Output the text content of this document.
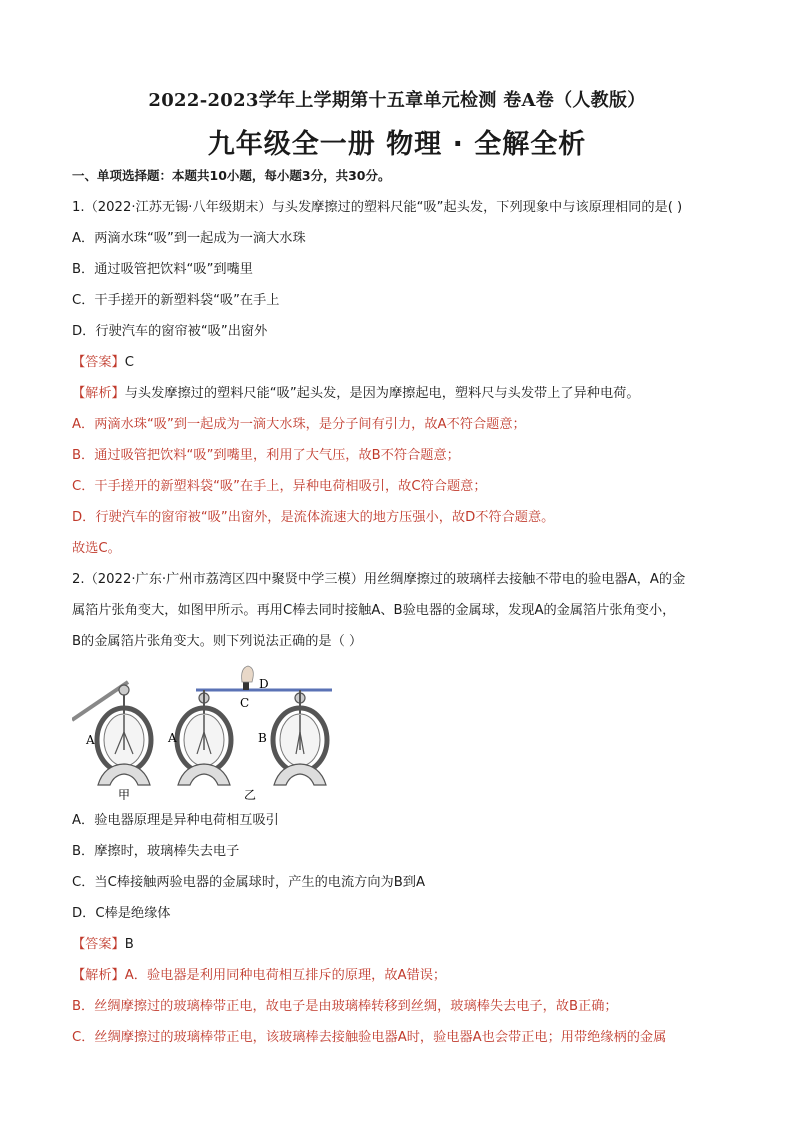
2022-2023学年上学期第十五章单元检测 卷A卷（人教版）
九年级全一册 物理 · 全解全析
一、单项选择题：本题共10小题，每小题3分，共30分。
1.（2022·江苏无锡·八年级期末）与头发摩擦过的塑料尺能“吸”起头发，下列现象中与该原理相同的是( )
A．两滴水珠“吸”到一起成为一滴大水珠
B．通过吸管把饮料“吸”到嘴里
C．干手搓开的新塑料袋“吸”在手上
D．行驶汽车的窗帘被“吸”出窗外
【答案】C
【解析】与头发摩擦过的塑料尺能“吸”起头发，是因为摩擦起电，塑料尺与头发带上了异种电荷。
A．两滴水珠“吸”到一起成为一滴大水珠，是分子间有引力，故A不符合题意；
B．通过吸管把饮料“吸”到嘴里，利用了大气压，故B不符合题意；
C．干手搓开的新塑料袋“吸”在手上，异种电荷相吸引，故C符合题意；
D．行驶汽车的窗帘被“吸”出窗外，是流体流速大的地方压强小，故D不符合题意。
故选C。
2.（2022·广东·广州市荔湾区四中聚贤中学三模）用丝绸摩擦过的玻璃样去接触不带电的验电器A，A的金
属箔片张角变大，如图甲所示。再用C棒去同时接触A、B验电器的金属球，发现A的金属箔片张角变小，
B的金属箔片张角变大。则下列说法正确的是（ ）
A
甲
D
C
A	B
乙
A．验电器原理是异种电荷相互吸引
B．摩擦时，玻璃棒失去电子
C．当C棒接触两验电器的金属球时，产生的电流方向为B到A
D．C棒是绝缘体
【答案】B
【解析】A．验电器是利用同种电荷相互排斥的原理，故A错误；
B．丝绸摩擦过的玻璃棒带正电，故电子是由玻璃棒转移到丝绸，玻璃棒失去电子，故B正确；
C．丝绸摩擦过的玻璃棒带正电，该玻璃棒去接触验电器A时，验电器A也会带正电；用带绝缘柄的金属
